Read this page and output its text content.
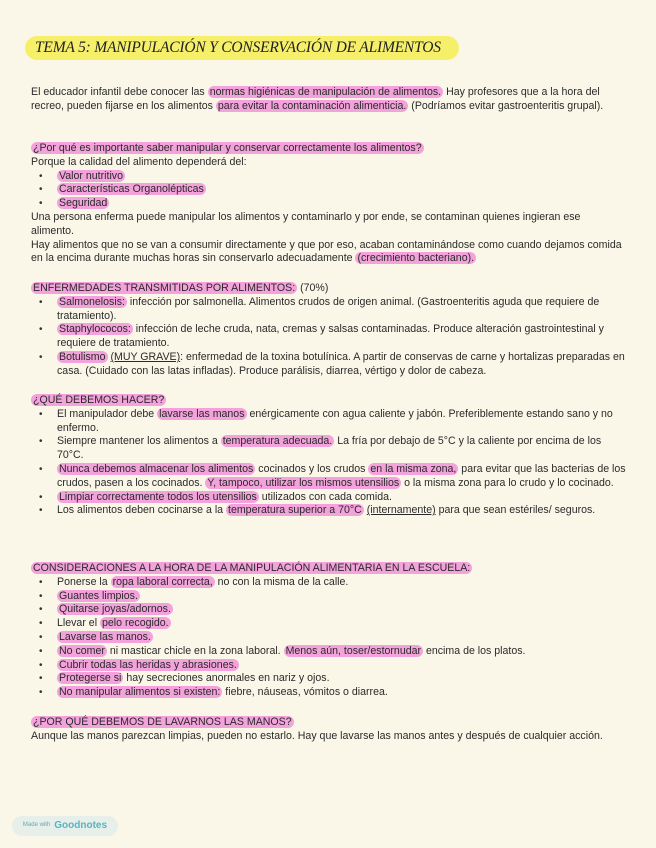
TEMA 5: MANIPULACIÓN Y CONSERVACIÓN DE ALIMENTOS

El educador infantil debe conocer las normas higiénicas de manipulación de alimentos. Hay profesores que a la hora del recreo, pueden fijarse en los alimentos para evitar la contaminación alimenticia. (Podríamos evitar gastroenteritis grupal).

¿Por qué es importante saber manipular y conservar correctamente los alimentos?

Porque la calidad del alimento dependerá del:

• Valor nutritivo
• Características Organolépticas
• Seguridad

Una persona enferma puede manipular los alimentos y contaminarlo y por ende, se contaminan quienes ingieran ese alimento.

Hay alimentos que no se van a consumir directamente y que por eso, acaban contaminándose como cuando dejamos comida en la encima durante muchas horas sin conservarlo adecuadamente (crecimiento bacteriano).

ENFERMEDADES TRANSMITIDAS POR ALIMENTOS: (70%)

• Salmonelosis: infección por salmonella. Alimentos crudos de origen animal. (Gastroenteritis aguda que requiere de tratamiento).
• Staphylococos: infección de leche cruda, nata, cremas y salsas contaminadas. Produce alteración gastrointestinal y requiere de tratamiento.
• Botulismo (MUY GRAVE): enfermedad de la toxina botulínica. A partir de conservas de carne y hortalizas preparadas en casa. (Cuidado con las latas infladas). Produce parálisis, diarrea, vértigo y dolor de cabeza.

¿QUÉ DEBEMOS HACER?

• El manipulador debe lavarse las manos enérgicamente con agua caliente y jabón. Preferiblemente estando sano y no enfermo.
• Siempre mantener los alimentos a temperatura adecuada. La fría por debajo de 5°C y la caliente por encima de los 70°C.
• Nunca debemos almacenar los alimentos cocinados y los crudos en la misma zona, para evitar que las bacterias de los crudos, pasen a los cocinados. Y, tampoco, utilizar los mismos utensilios o la misma zona para lo crudo y lo cocinado.
• Limpiar correctamente todos los utensilios utilizados con cada comida.
• Los alimentos deben cocinarse a la temperatura superior a 70°C (internamente) para que sean estériles/ seguros.

CONSIDERACIONES A LA HORA DE LA MANIPULACIÓN ALIMENTARIA EN LA ESCUELA:

• Ponerse la ropa laboral correcta, no con la misma de la calle.
• Guantes limpios.
• Quitarse joyas/adornos.
• Llevar el pelo recogido.
• Lavarse las manos.
• No comer ni masticar chicle en la zona laboral. Menos aún, toser/estornudar encima de los platos.
• Cubrir todas las heridas y abrasiones.
• Protegerse si hay secreciones anormales en nariz y ojos.
• No manipular alimentos si existen: fiebre, náuseas, vómitos o diarrea.

¿POR QUÉ DEBEMOS DE LAVARNOS LAS MANOS?

Aunque las manos parezcan limpias, pueden no estarlo. Hay que lavarse las manos antes y después de cualquier acción.

Made with Goodnotes
